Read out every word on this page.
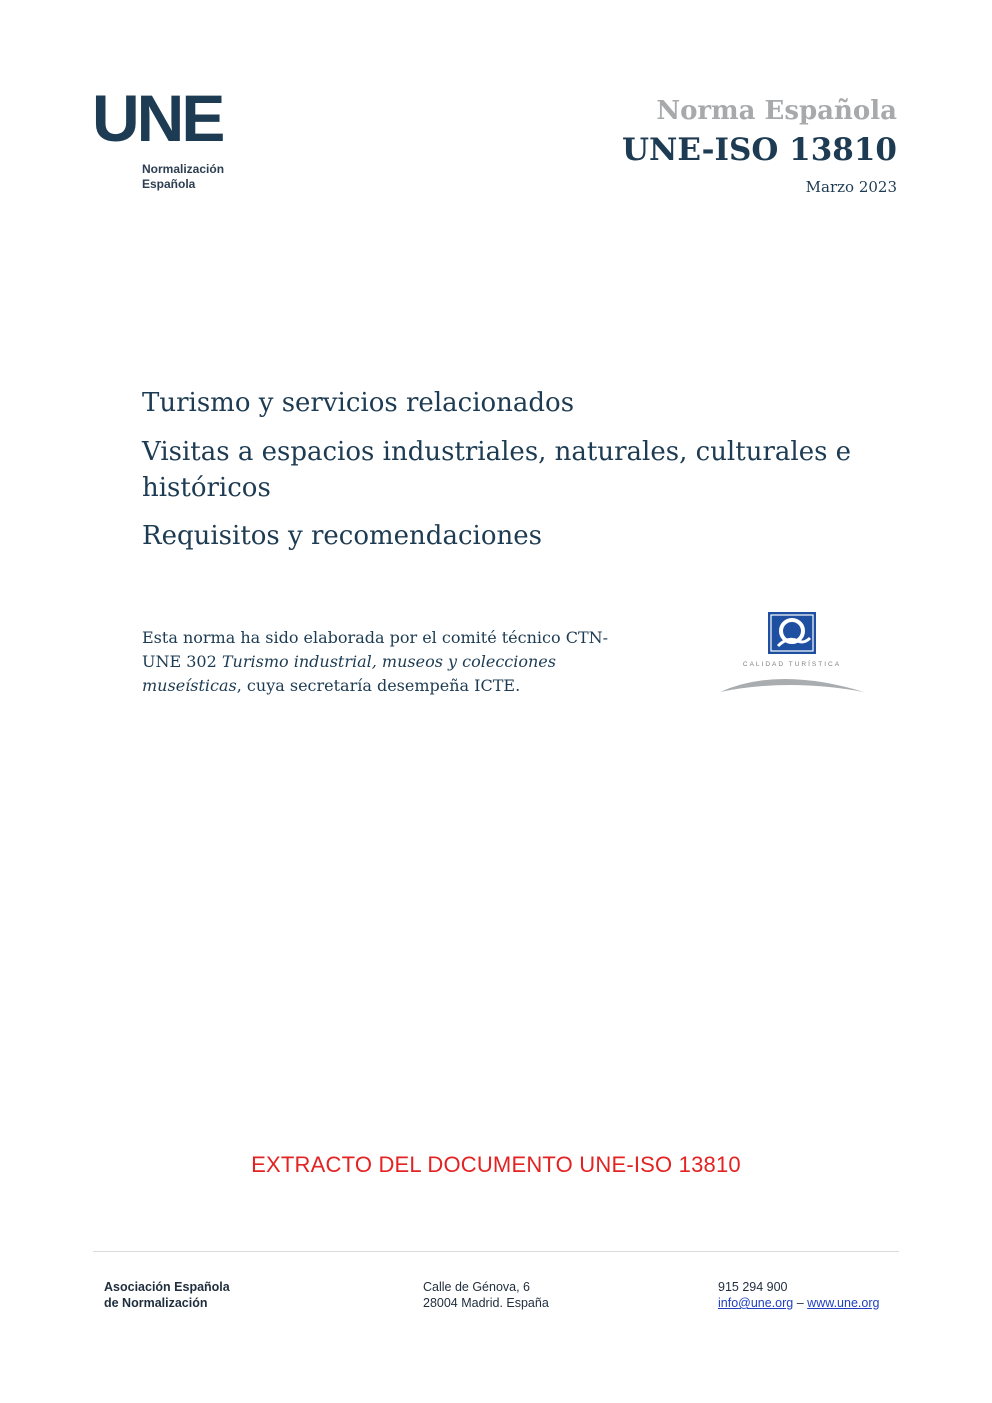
UNE
Normalización
Española
Norma Española
UNE-ISO 13810
Marzo 2023
Turismo y servicios relacionados
Visitas a espacios industriales, naturales, culturales e históricos
Requisitos y recomendaciones
Esta norma ha sido elaborada por el comité técnico CTN-UNE 302 Turismo industrial, museos y colecciones museísticas, cuya secretaría desempeña ICTE.
CALIDAD TURÍSTICA
EXTRACTO DEL DOCUMENTO UNE-ISO 13810
Asociación Española
de Normalización
Calle de Génova, 6
28004 Madrid. España
915 294 900
info@une.org – www.une.org
